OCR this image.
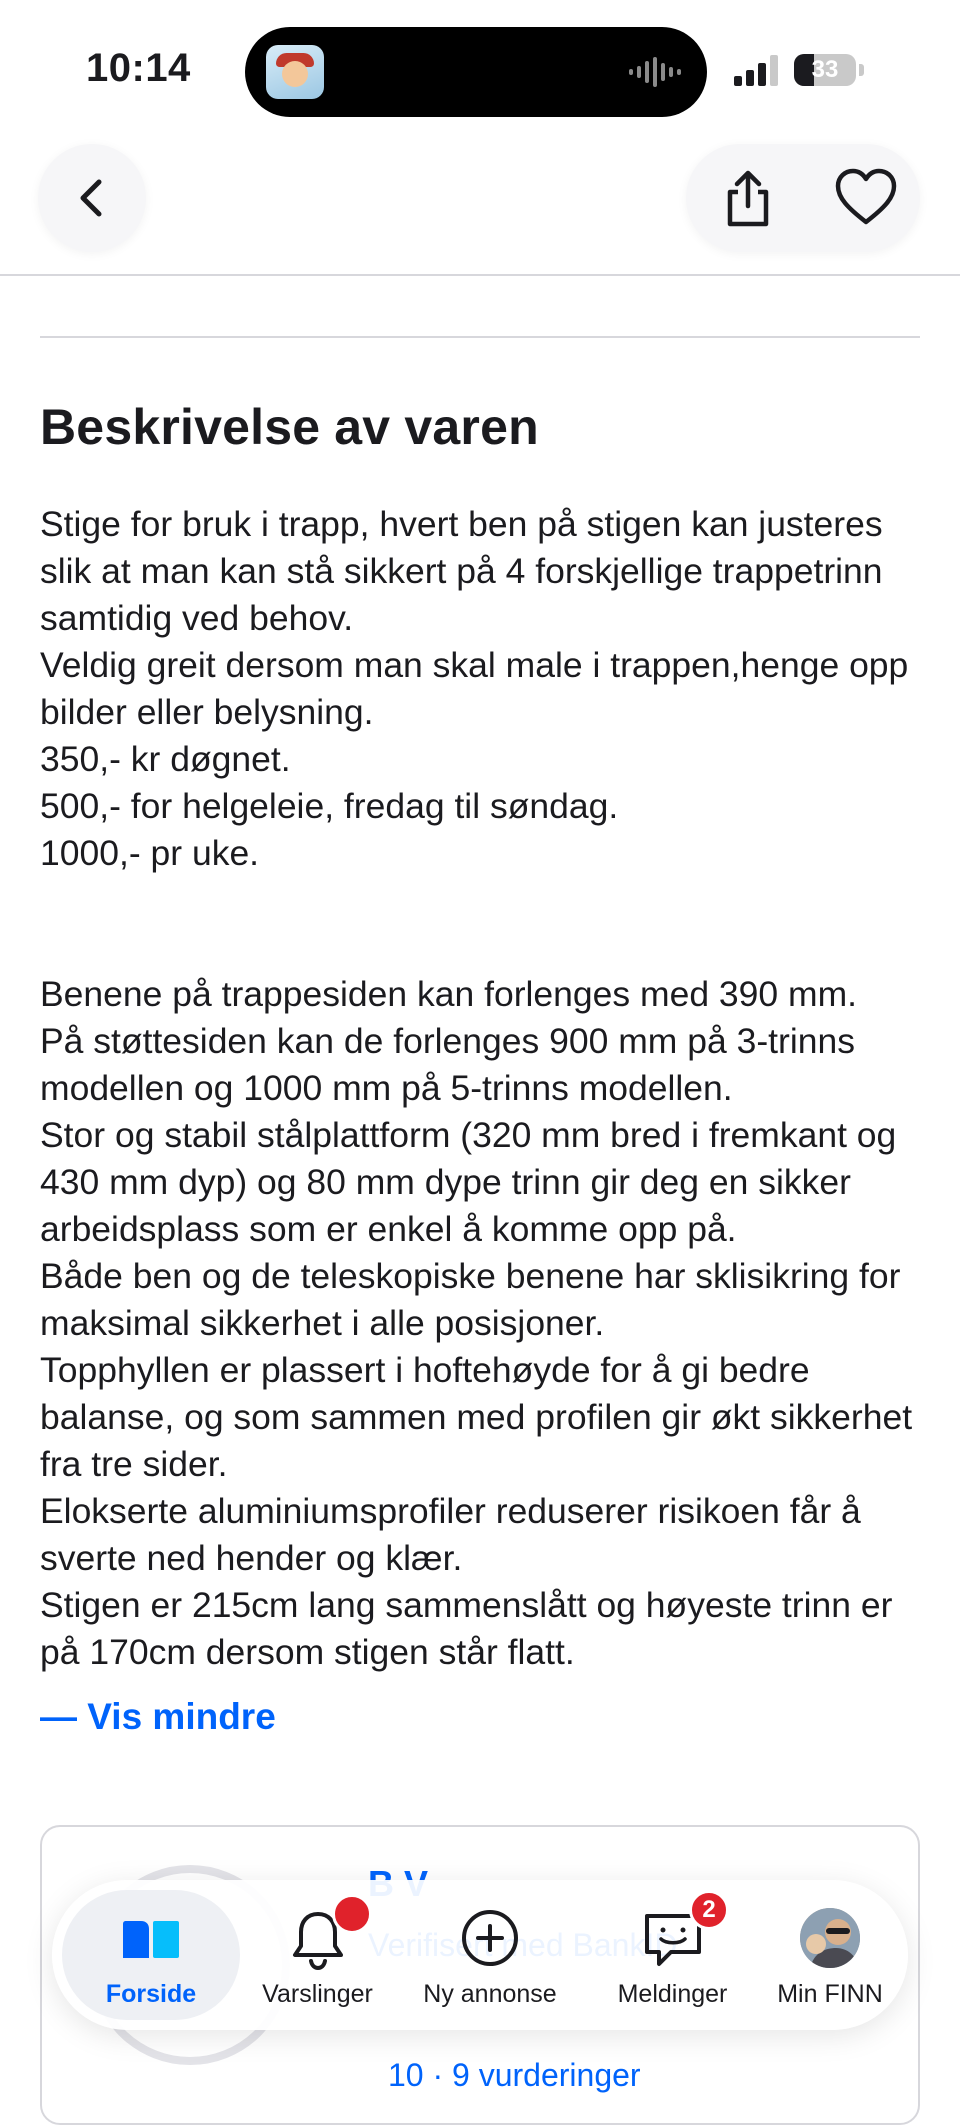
10:14	33
Beskrivelse av varen

Stige for bruk i trapp, hvert ben på stigen kan justeres slik at man kan stå sikkert på 4 forskjellige trappetrinn samtidig ved behov.

Veldig greit dersom man skal male i trappen,henge opp bilder eller belysning.

350,- kr døgnet.

500,- for helgeleie, fredag til søndag.

1000,- pr uke.

Benene på trappesiden kan forlenges med 390 mm.

På støttesiden kan de forlenges 900 mm på 3-trinns modellen og 1000 mm på 5-trinns modellen.

Stor og stabil stålplattform (320 mm bred i fremkant og 430 mm dyp) og 80 mm dype trinn gir deg en sikker arbeidsplass som er enkel å komme opp på.

Både ben og de teleskopiske benene har sklisikring for maksimal sikkerhet i alle posisjoner.

Topphyllen er plassert i hoftehøyde for å gi bedre balanse, og som sammen med profilen gir økt sikkerhet fra tre sider.

Elokserte aluminiumsprofiler reduserer risikoen får å sverte ned hender og klær.

Stigen er 215cm lang sammenslått og høyeste trinn er på 170cm dersom stigen står flatt.

— Vis mindre
10 · 9 vurderinger
Forside	Varslinger	Ny annonse
2
Meldinger	Min FINN
